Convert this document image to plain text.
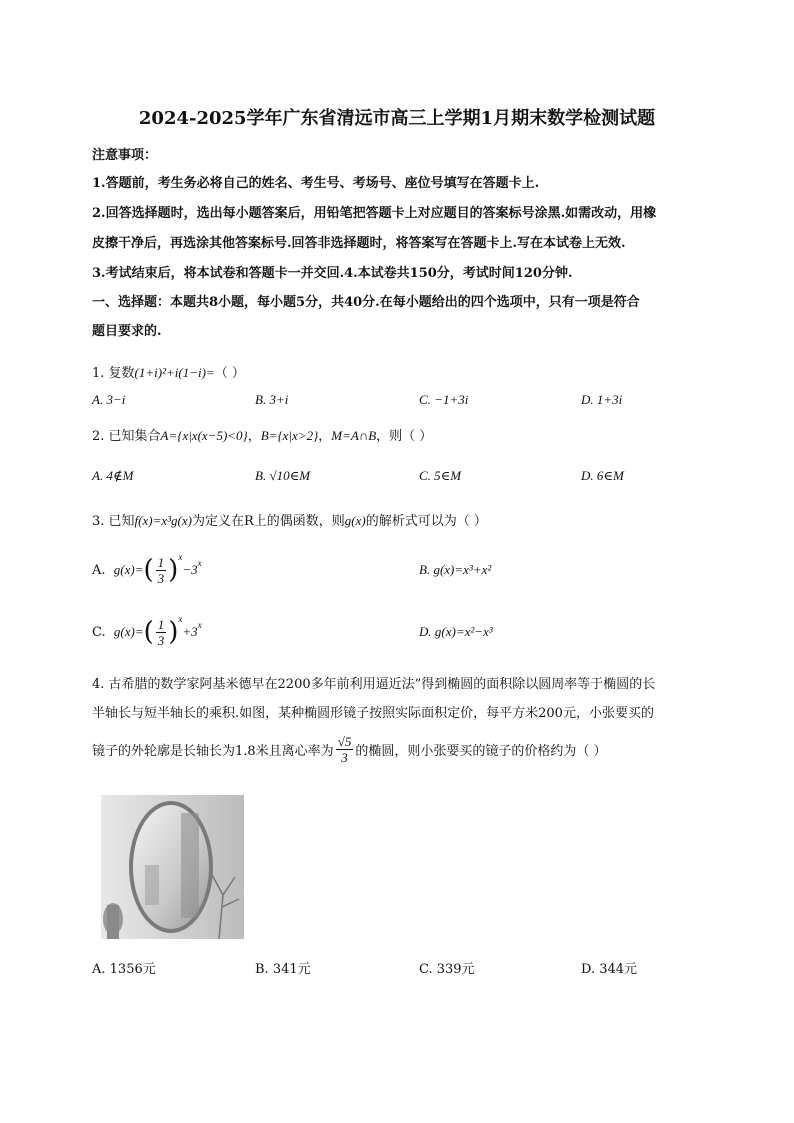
2024-2025学年广东省清远市高三上学期1月期末数学检测试题
注意事项：
1.答题前，考生务必将自己的姓名、考生号、考场号、座位号填写在答题卡上.
2.回答选择题时，选出每小题答案后，用铅笔把答题卡上对应题目的答案标号涂黑.如需改动，用橡
皮擦干净后，再选涂其他答案标号.回答非选择题时，将答案写在答题卡上.写在本试卷上无效.
3.考试结束后，将本试卷和答题卡一并交回.4.本试卷共150分，考试时间120分钟.
一、选择题：本题共8小题，每小题5分，共40分.在每小题给出的四个选项中，只有一项是符合
题目要求的.
1. 复数(1+i)²+i(1−i)=（ ）
A. 3−i	B. 3+i	C. −1+3i	D. 1+3i
2. 已知集合A={x|x(x−5)<0}，B={x|x>2}，M=A∩B，则（ ）
A. 4∉M	B. √10∈M	C. 5∈M	D. 6∈M
3. 已知f(x)=x³g(x)为定义在R上的偶函数，则g(x)的解析式可以为（ ）
A.
g(x)= ( $\frac{1}{3} )^x$
$-3^x$	B. g(x)=x³+x²
C.
g(x)= ( $\frac{1}{3} )^x$
$+3^x$	D. g(x)=x²−x³
4. 古希腊的数学家阿基米德早在2200多年前利用逼近法”得到椭圆的面积除以圆周率等于椭圆的长
半轴长与短半轴长的乘积.如图，某种椭圆形镜子按照实际面积定价，每平方米200元，小张要买的
镜子的外轮廓是长轴长为1.8米且离心率为 $\frac{√5}{3}$ 的椭圆，则小张要买的镜子的价格约为（ ）
A. 1356元	B. 341元	C. 339元	D. 344元
